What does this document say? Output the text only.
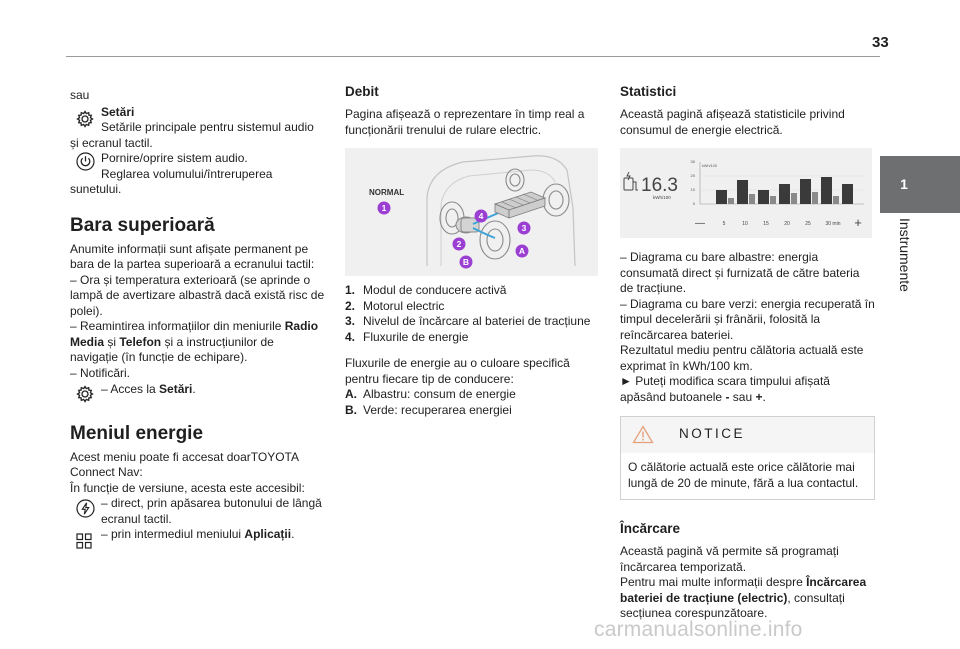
33
1
Instrumente

sau

Setări

Setările principale pentru sistemul audio și ecranul tactil.

Pornire/oprire sistem audio.

Reglarea volumului/întreruperea sunetului.

Bara superioară

Anumite informații sunt afișate permanent pe bara de la partea superioară a ecranului tactil:

– Ora și temperatura exterioară (se aprinde o lampă de avertizare albastră dacă există risc de polei).

– Reamintirea informațiilor din meniurile Radio Media și Telefon și a instrucțiunilor de navigație (în funcție de echipare).

– Notificări.

– Acces la Setări.

Meniul energie

Acest meniu poate fi accesat doarTOYOTA Connect Nav:

În funcție de versiune, acesta este accesibil:

– direct, prin apăsarea butonului de lângă ecranul tactil.

– prin intermediul meniului Aplicații.

Debit

Pagina afișează o reprezentare în timp real a funcționării trenului de rulare electric.

NORMAL
1
4
3
2
A
B

1. Modul de conducere activă

2. Motorul electric

3. Nivelul de încărcare al bateriei de tracțiune

4. Fluxurile de energie

Fluxurile de energie au o culoare specifică pentru fiecare tip de conducere:

A. Albastru: consum de energie

B. Verde: recuperarea energiei

Statistici

Această pagină afișează statisticile privind consumul de energie electrică.

16.3
kWh/100
kWh/100
30
20
10
0
—	5	10	15	20	25	30 min +

– Diagrama cu bare albastre: energia consumată direct și furnizată de către bateria de tracțiune.

– Diagrama cu bare verzi: energia recuperată în timpul decelerării și frânării, folosită la reîncărcarea bateriei.

Rezultatul mediu pentru călătoria actuală este exprimat în kWh/100 km.

► Puteți modifica scara timpului afișată apăsând butoanele - sau +.

NOTICE

O călătorie actuală este orice călătorie mai lungă de 20 de minute, fără a lua contactul.

Încărcare

Această pagină vă permite să programați încărcarea temporizată.

Pentru mai multe informații despre Încărcarea bateriei de tracțiune (electric), consultați secțiunea corespunzătoare.

carmanualsonline.info
